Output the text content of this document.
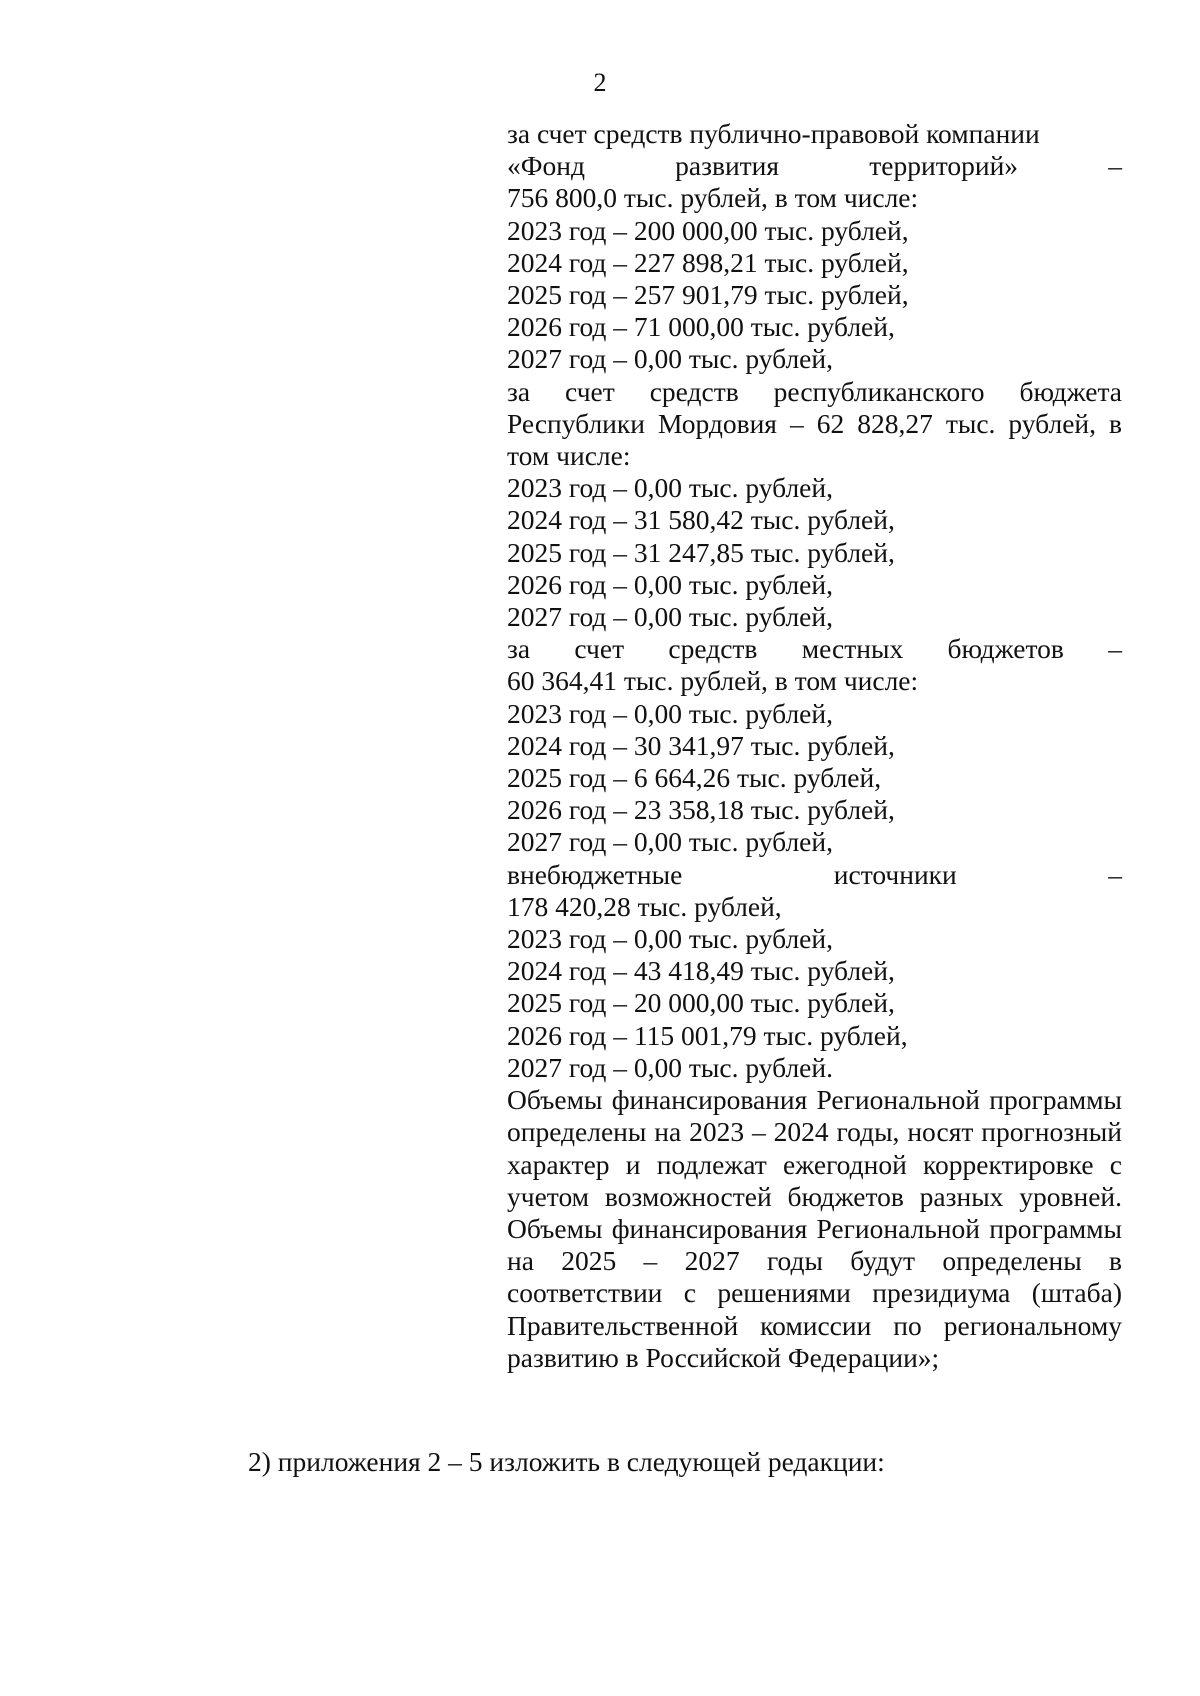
2
за счет средств публично-правовой компании
«Фонд	развития	территорий»	–
756 800,0 тыс. рублей, в том числе:
2023 год – 200 000,00 тыс. рублей,
2024 год – 227 898,21 тыс. рублей,
2025 год – 257 901,79 тыс. рублей,
2026 год – 71 000,00 тыс. рублей,
2027 год – 0,00 тыс. рублей,
за счет средств республиканского бюджета Республики Мордовия – 62 828,27 тыс. рублей, в том числе:
2023 год – 0,00 тыс. рублей,
2024 год – 31 580,42 тыс. рублей,
2025 год – 31 247,85 тыс. рублей,
2026 год – 0,00 тыс. рублей,
2027 год – 0,00 тыс. рублей,
за счет средств местных бюджетов –
60 364,41 тыс. рублей, в том числе:
2023 год – 0,00 тыс. рублей,
2024 год – 30 341,97 тыс. рублей,
2025 год – 6 664,26 тыс. рублей,
2026 год – 23 358,18 тыс. рублей,
2027 год – 0,00 тыс. рублей,
внебюджетные	источники	–
178 420,28 тыс. рублей,
2023 год – 0,00 тыс. рублей,
2024 год – 43 418,49 тыс. рублей,
2025 год – 20 000,00 тыс. рублей,
2026 год – 115 001,79 тыс. рублей,
2027 год – 0,00 тыс. рублей.
Объемы финансирования Региональной программы определены на 2023 – 2024 годы, носят прогнозный характер и подлежат ежегодной корректировке с учетом возможностей бюджетов разных уровней. Объемы финансирования Региональной программы на 2025 – 2027 годы будут определены в соответствии с решениями президиума (штаба) Правительственной комиссии по региональному развитию в Российской Федерации»;
2) приложения 2 – 5 изложить в следующей редакции:
